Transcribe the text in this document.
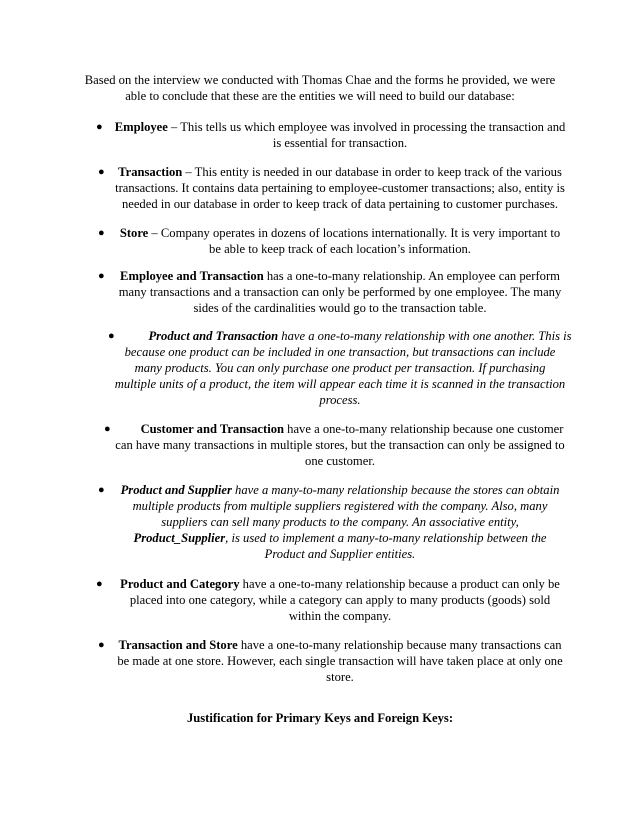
Based on the interview we conducted with Thomas Chae and the forms he provided, we were
able to conclude that these are the entities we will need to build our database:
● Employee – This tells us which employee was involved in processing the transaction and
is essential for transaction.
●	Transaction – This entity is needed in our database in order to keep track of the various
transactions. It contains data pertaining to employee-customer transactions; also, entity is
needed in our database in order to keep track of data pertaining to customer purchases.
●	Store – Company operates in dozens of locations internationally. It is very important to
be able to keep track of each location’s information.
●	Employee and Transaction has a one-to-many relationship. An employee can perform
many transactions and a transaction can only be performed by one employee. The many
sides of the cardinalities would go to the transaction table.
●	Product and Transaction have a one-to-many relationship with one another. This is
because one product can be included in one transaction, but transactions can include
many products. You can only purchase one product per transaction. If purchasing
multiple units of a product, the item will appear each time it is scanned in the transaction
process.
●	Customer and Transaction have a one-to-many relationship because one customer
can have many transactions in multiple stores, but the transaction can only be assigned to
one customer.
●	Product and Supplier have a many-to-many relationship because the stores can obtain
multiple products from multiple suppliers registered with the company. Also, many
suppliers can sell many products to the company. An associative entity,
Product_Supplier, is used to implement a many-to-many relationship between the
Product and Supplier entities.
●	Product and Category have a one-to-many relationship because a product can only be
placed into one category, while a category can apply to many products (goods) sold
within the company.
●	Transaction and Store have a one-to-many relationship because many transactions can
be made at one store. However, each single transaction will have taken place at only one
store.
Justification for Primary Keys and Foreign Keys:
